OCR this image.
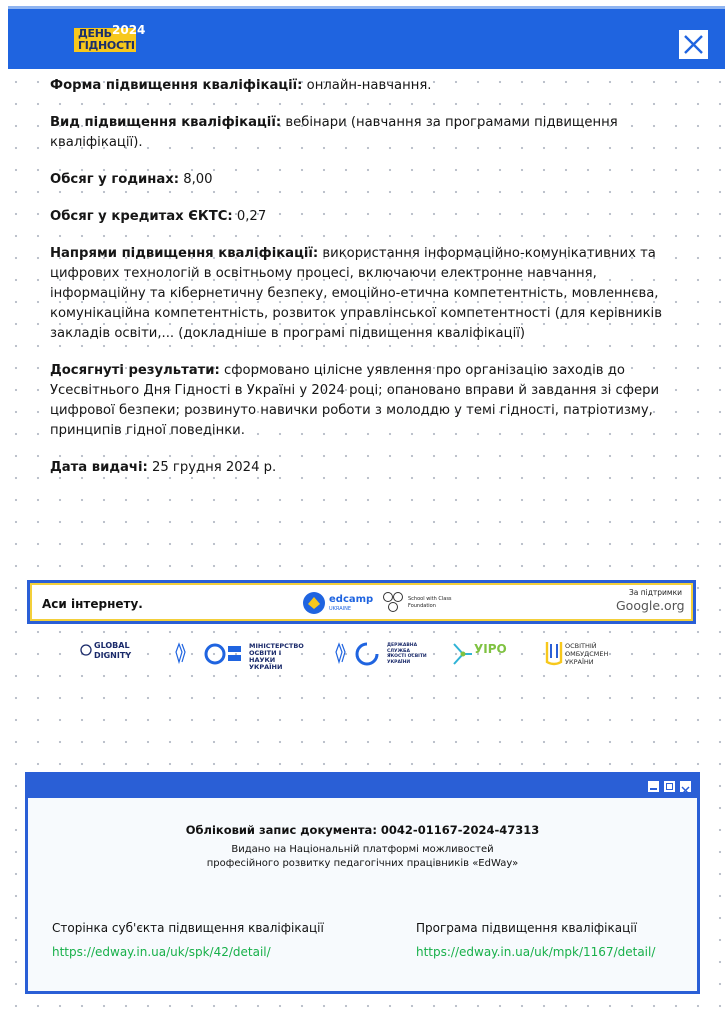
ДЕНЬ
ГІДНОСТІ
2024

Форма підвищення кваліфікації: онлайн-навчання.

Вид підвищення кваліфікації: вебінари (навчання за програмами підвищення кваліфікації).

Обсяг у годинах: 8,00

Обсяг у кредитах ЄКТС: 0,27

Напрями підвищення кваліфікації: використання інформаційно-комунікативних та цифрових технологій в освітньому процесі, включаючи електронне навчання, інформаційну та кібернетичну безпеку, емоційно-етична компетентність, мовленнєва, комунікаційна компетентність, розвиток управлінської компетентності (для керівників закладів освіти,... (докладніше в програмі підвищення кваліфікації)

Досягнуті результати: сформовано цілісне уявлення про організацію заходів до Усесвітнього Дня Гідності в Україні у 2024 році; опановано вправи й завдання зі сфери цифрової безпеки; розвинуто навички роботи з молоддю у темі гідності, патріотизму, принципів гідної поведінки.

Дата видачі: 25 грудня 2024 р.

Аси інтернету.	edcamp
UKRAINE
School with Class Foundation
За підтримки
Google.org
GLOBAL DIGNITY
МІНІСТЕРСТВО ОСВІТИ І НАУКИ УКРАЇНИ
ДЕРЖАВНА СЛУЖБА ЯКОСТІ ОСВІТИ УКРАЇНИ
УІРО	ОСВІТНІЙ ОМБУДСМЕН УКРАЇНИ
Обліковий запис документа: 0042-01167-2024-47313
Видано на Національній платформі можливостей
професійного розвитку педагогічних працівників «EdWay»
Сторінка суб'єкта підвищення кваліфікації
https://edway.in.ua/uk/spk/42/detail/
Програма підвищення кваліфікації
https://edway.in.ua/uk/mpk/1167/detail/
